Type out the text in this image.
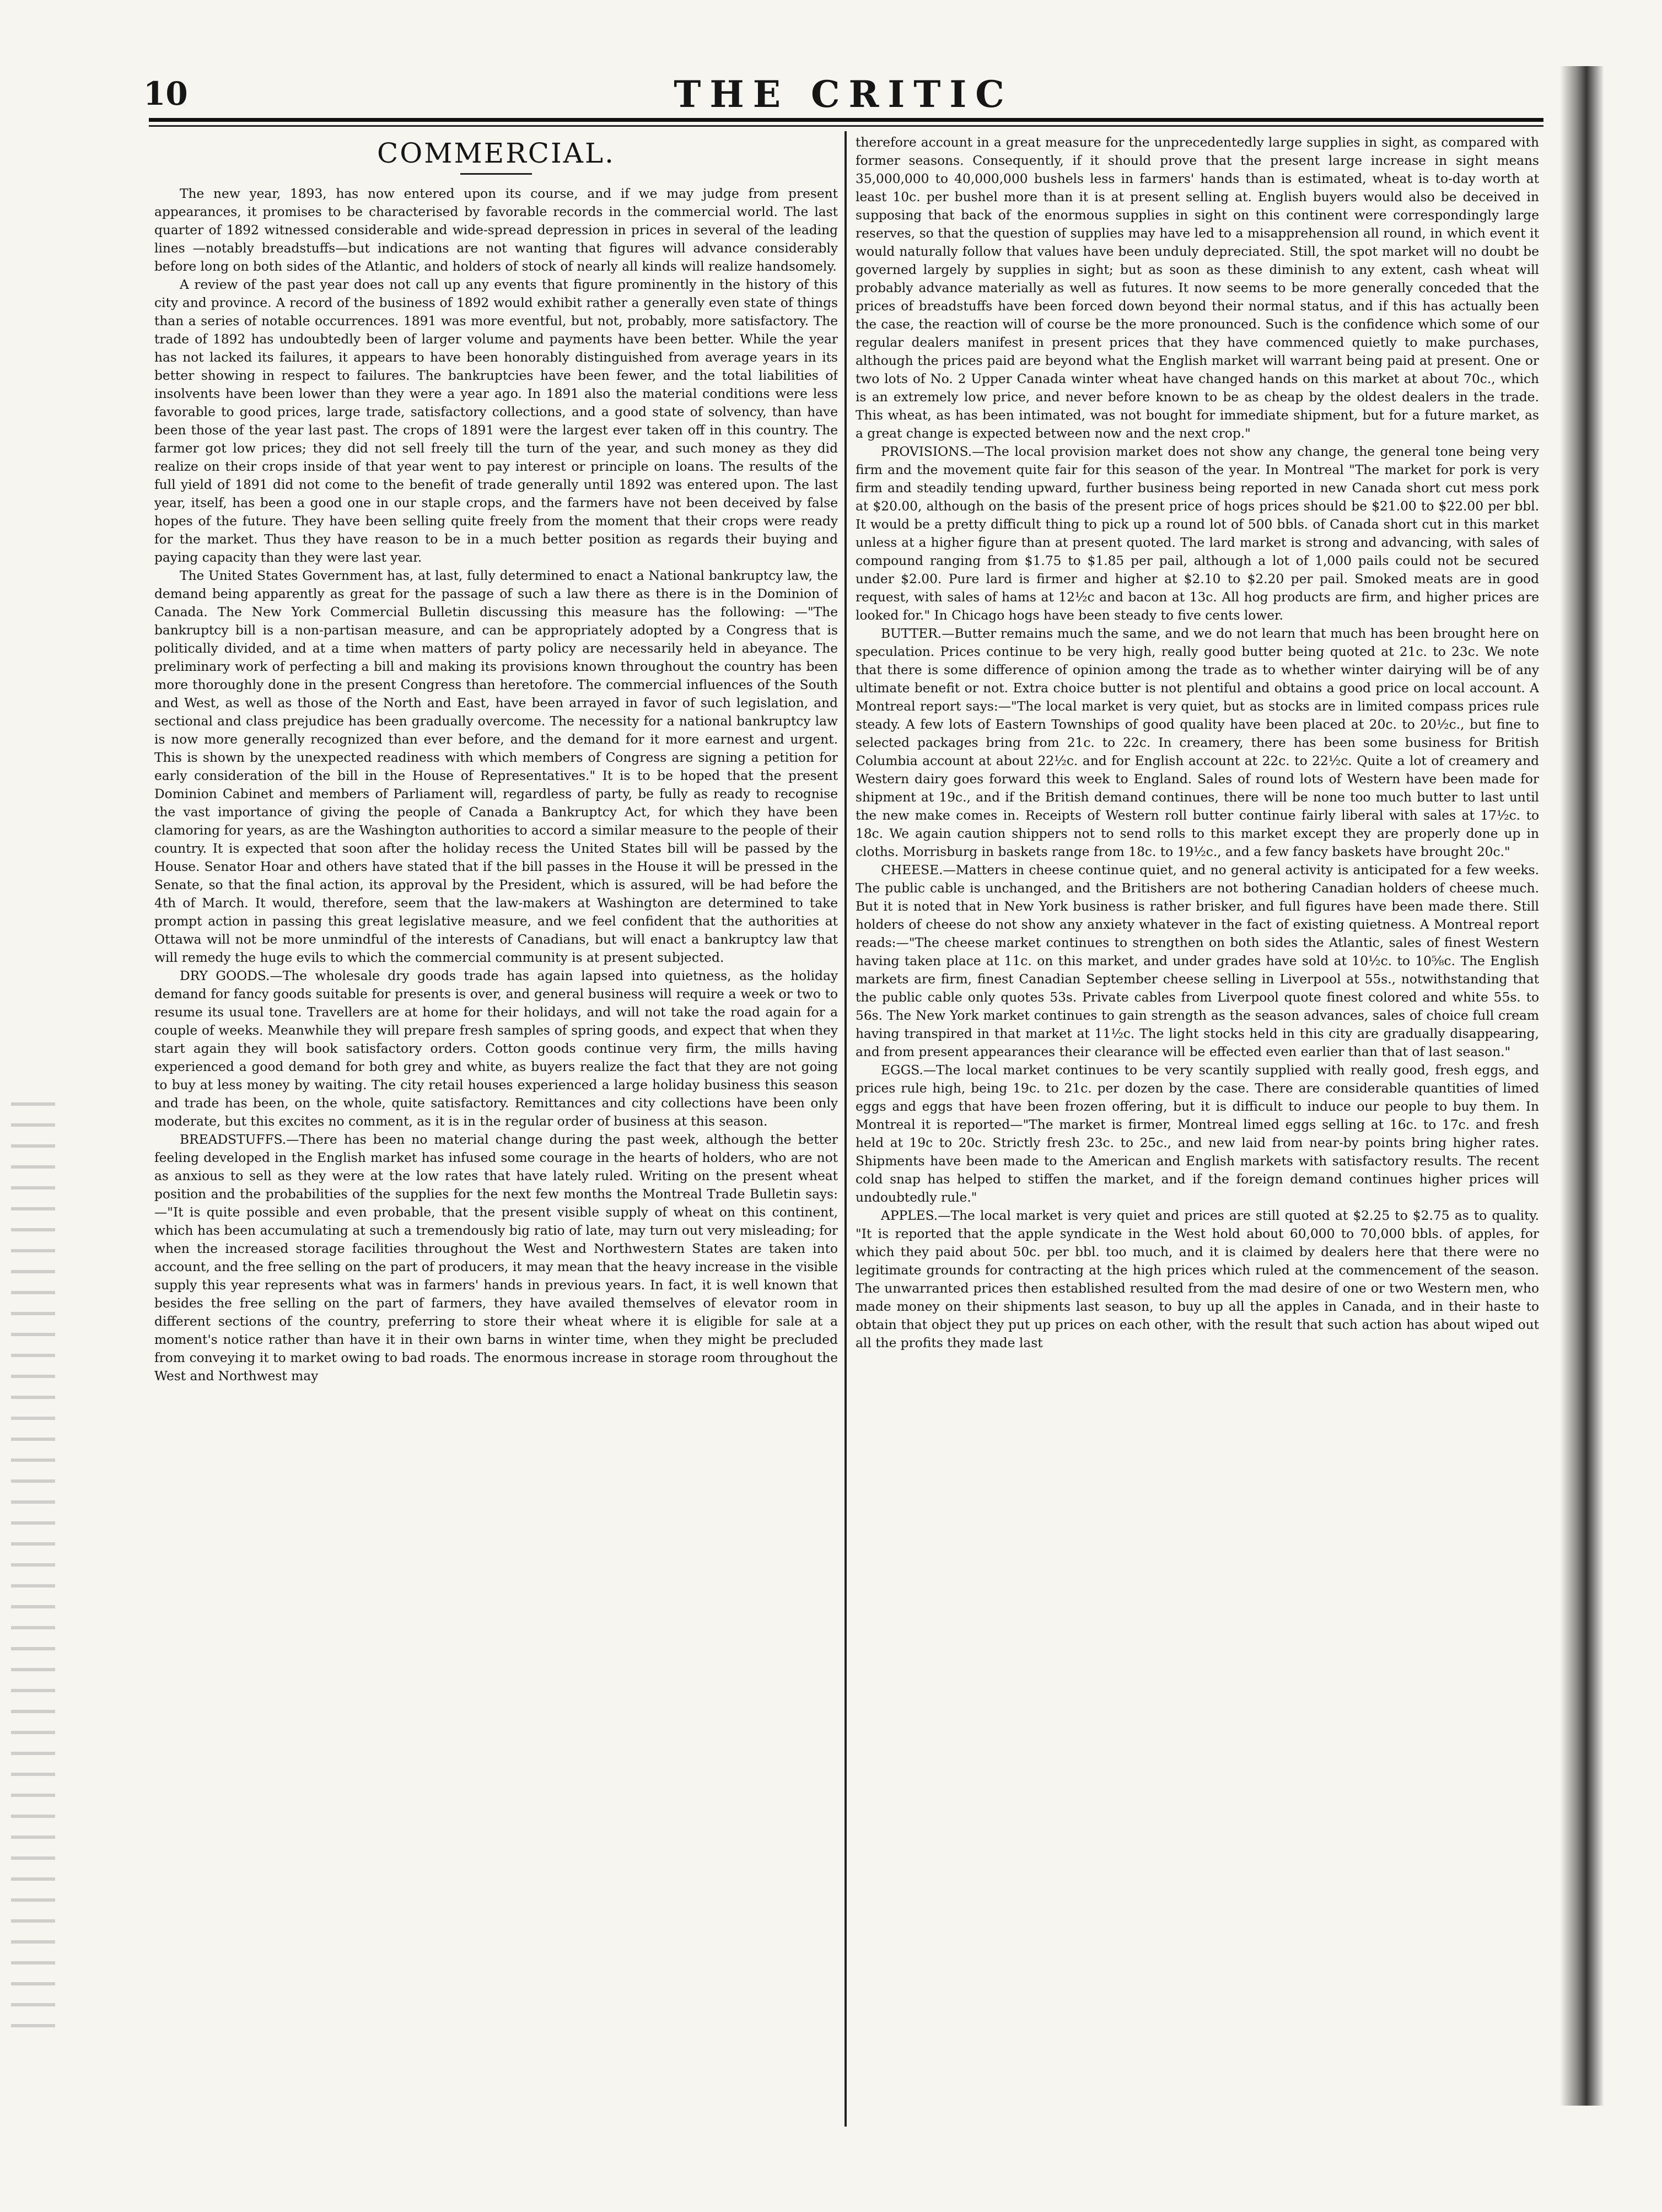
10	THE CRITIC
COMMERCIAL.

The new year, 1893, has now entered upon its course, and if we may judge from present appearances, it promises to be characterised by favorable records in the commercial world. The last quarter of 1892 witnessed considerable and wide-spread depression in prices in several of the leading lines —notably breadstuffs—but indications are not wanting that figures will advance considerably before long on both sides of the Atlantic, and holders of stock of nearly all kinds will realize handsomely.

A review of the past year does not call up any events that figure prominently in the history of this city and province. A record of the business of 1892 would exhibit rather a generally even state of things than a series of notable occurrences. 1891 was more eventful, but not, probably, more satisfactory. The trade of 1892 has undoubtedly been of larger volume and payments have been better. While the year has not lacked its failures, it appears to have been honorably distinguished from average years in its better showing in respect to failures. The bankruptcies have been fewer, and the total liabilities of insolvents have been lower than they were a year ago. In 1891 also the material conditions were less favorable to good prices, large trade, satisfactory collections, and a good state of solvency, than have been those of the year last past. The crops of 1891 were the largest ever taken off in this country. The farmer got low prices; they did not sell freely till the turn of the year, and such money as they did realize on their crops inside of that year went to pay interest or principle on loans. The results of the full yield of 1891 did not come to the benefit of trade generally until 1892 was entered upon. The last year, itself, has been a good one in our staple crops, and the farmers have not been deceived by false hopes of the future. They have been selling quite freely from the moment that their crops were ready for the market. Thus they have reason to be in a much better position as regards their buying and paying capacity than they were last year.

The United States Government has, at last, fully determined to enact a National bankruptcy law, the demand being apparently as great for the passage of such a law there as there is in the Dominion of Canada. The New York Commercial Bulletin discussing this measure has the following: —"The bankruptcy bill is a non-partisan measure, and can be appropriately adopted by a Congress that is politically divided, and at a time when matters of party policy are necessarily held in abeyance. The preliminary work of perfecting a bill and making its provisions known throughout the country has been more thoroughly done in the present Congress than heretofore. The commercial influences of the South and West, as well as those of the North and East, have been arrayed in favor of such legislation, and sectional and class prejudice has been gradually overcome. The necessity for a national bankruptcy law is now more generally recognized than ever before, and the demand for it more earnest and urgent. This is shown by the unexpected readiness with which members of Congress are signing a petition for early consideration of the bill in the House of Representatives." It is to be hoped that the present Dominion Cabinet and members of Parliament will, regardless of party, be fully as ready to recognise the vast importance of giving the people of Canada a Bankruptcy Act, for which they have been clamoring for years, as are the Washington authorities to accord a similar measure to the people of their country. It is expected that soon after the holiday recess the United States bill will be passed by the House. Senator Hoar and others have stated that if the bill passes in the House it will be pressed in the Senate, so that the final action, its approval by the President, which is assured, will be had before the 4th of March. It would, therefore, seem that the law-makers at Washington are determined to take prompt action in passing this great legislative measure, and we feel confident that the authorities at Ottawa will not be more unmindful of the interests of Canadians, but will enact a bankruptcy law that will remedy the huge evils to which the commercial community is at present subjected.

DRY GOODS.—The wholesale dry goods trade has again lapsed into quietness, as the holiday demand for fancy goods suitable for presents is over, and general business will require a week or two to resume its usual tone. Travellers are at home for their holidays, and will not take the road again for a couple of weeks. Meanwhile they will prepare fresh samples of spring goods, and expect that when they start again they will book satisfactory orders. Cotton goods continue very firm, the mills having experienced a good demand for both grey and white, as buyers realize the fact that they are not going to buy at less money by waiting. The city retail houses experienced a large holiday business this season and trade has been, on the whole, quite satisfactory. Remittances and city collections have been only moderate, but this excites no comment, as it is in the regular order of business at this season.

BREADSTUFFS.—There has been no material change during the past week, although the better feeling developed in the English market has infused some courage in the hearts of holders, who are not as anxious to sell as they were at the low rates that have lately ruled. Writing on the present wheat position and the probabilities of the supplies for the next few months the Montreal Trade Bulletin says:—"It is quite possible and even probable, that the present visible supply of wheat on this continent, which has been accumulating at such a tremendously big ratio of late, may turn out very misleading; for when the increased storage facilities throughout the West and Northwestern States are taken into account, and the free selling on the part of producers, it may mean that the heavy increase in the visible supply this year represents what was in farmers' hands in previous years. In fact, it is well known that besides the free selling on the part of farmers, they have availed themselves of elevator room in different sections of the country, preferring to store their wheat where it is eligible for sale at a moment's notice rather than have it in their own barns in winter time, when they might be precluded from conveying it to market owing to bad roads. The enormous increase in storage room throughout the West and Northwest may

therefore account in a great measure for the unprecedentedly large supplies in sight, as compared with former seasons. Consequently, if it should prove that the present large increase in sight means 35,000,000 to 40,000,000 bushels less in farmers' hands than is estimated, wheat is to-day worth at least 10c. per bushel more than it is at present selling at. English buyers would also be deceived in supposing that back of the enormous supplies in sight on this continent were correspondingly large reserves, so that the question of supplies may have led to a misapprehension all round, in which event it would naturally follow that values have been unduly depreciated. Still, the spot market will no doubt be governed largely by supplies in sight; but as soon as these diminish to any extent, cash wheat will probably advance materially as well as futures. It now seems to be more generally conceded that the prices of breadstuffs have been forced down beyond their normal status, and if this has actually been the case, the reaction will of course be the more pronounced. Such is the confidence which some of our regular dealers manifest in present prices that they have commenced quietly to make purchases, although the prices paid are beyond what the English market will warrant being paid at present. One or two lots of No. 2 Upper Canada winter wheat have changed hands on this market at about 70c., which is an extremely low price, and never before known to be as cheap by the oldest dealers in the trade. This wheat, as has been intimated, was not bought for immediate shipment, but for a future market, as a great change is expected between now and the next crop."

PROVISIONS.—The local provision market does not show any change, the general tone being very firm and the movement quite fair for this season of the year. In Montreal "The market for pork is very firm and steadily tending upward, further business being reported in new Canada short cut mess pork at $20.00, although on the basis of the present price of hogs prices should be $21.00 to $22.00 per bbl. It would be a pretty difficult thing to pick up a round lot of 500 bbls. of Canada short cut in this market unless at a higher figure than at present quoted. The lard market is strong and advancing, with sales of compound ranging from $1.75 to $1.85 per pail, although a lot of 1,000 pails could not be secured under $2.00. Pure lard is firmer and higher at $2.10 to $2.20 per pail. Smoked meats are in good request, with sales of hams at 12½c and bacon at 13c. All hog products are firm, and higher prices are looked for." In Chicago hogs have been steady to five cents lower.

BUTTER.—Butter remains much the same, and we do not learn that much has been brought here on speculation. Prices continue to be very high, really good butter being quoted at 21c. to 23c. We note that there is some difference of opinion among the trade as to whether winter dairying will be of any ultimate benefit or not. Extra choice butter is not plentiful and obtains a good price on local account. A Montreal report says:—"The local market is very quiet, but as stocks are in limited compass prices rule steady. A few lots of Eastern Townships of good quality have been placed at 20c. to 20½c., but fine to selected packages bring from 21c. to 22c. In creamery, there has been some business for British Columbia account at about 22½c. and for English account at 22c. to 22½c. Quite a lot of creamery and Western dairy goes forward this week to England. Sales of round lots of Western have been made for shipment at 19c., and if the British demand continues, there will be none too much butter to last until the new make comes in. Receipts of Western roll butter continue fairly liberal with sales at 17½c. to 18c. We again caution shippers not to send rolls to this market except they are properly done up in cloths. Morrisburg in baskets range from 18c. to 19½c., and a few fancy baskets have brought 20c."

CHEESE.—Matters in cheese continue quiet, and no general activity is anticipated for a few weeks. The public cable is unchanged, and the Britishers are not bothering Canadian holders of cheese much. But it is noted that in New York business is rather brisker, and full figures have been made there. Still holders of cheese do not show any anxiety whatever in the fact of existing quietness. A Montreal report reads:—"The cheese market continues to strengthen on both sides the Atlantic, sales of finest Western having taken place at 11c. on this market, and under grades have sold at 10½c. to 10⅝c. The English markets are firm, finest Canadian September cheese selling in Liverpool at 55s., notwithstanding that the public cable only quotes 53s. Private cables from Liverpool quote finest colored and white 55s. to 56s. The New York market continues to gain strength as the season advances, sales of choice full cream having transpired in that market at 11½c. The light stocks held in this city are gradually disappearing, and from present appearances their clearance will be effected even earlier than that of last season."

EGGS.—The local market continues to be very scantily supplied with really good, fresh eggs, and prices rule high, being 19c. to 21c. per dozen by the case. There are considerable quantities of limed eggs and eggs that have been frozen offering, but it is difficult to induce our people to buy them. In Montreal it is reported—"The market is firmer, Montreal limed eggs selling at 16c. to 17c. and fresh held at 19c to 20c. Strictly fresh 23c. to 25c., and new laid from near-by points bring higher rates. Shipments have been made to the American and English markets with satisfactory results. The recent cold snap has helped to stiffen the market, and if the foreign demand continues higher prices will undoubtedly rule."

APPLES.—The local market is very quiet and prices are still quoted at $2.25 to $2.75 as to quality. "It is reported that the apple syndicate in the West hold about 60,000 to 70,000 bbls. of apples, for which they paid about 50c. per bbl. too much, and it is claimed by dealers here that there were no legitimate grounds for contracting at the high prices which ruled at the commencement of the season. The unwarranted prices then established resulted from the mad desire of one or two Western men, who made money on their shipments last season, to buy up all the apples in Canada, and in their haste to obtain that object they put up prices on each other, with the result that such action has about wiped out all the profits they made last
